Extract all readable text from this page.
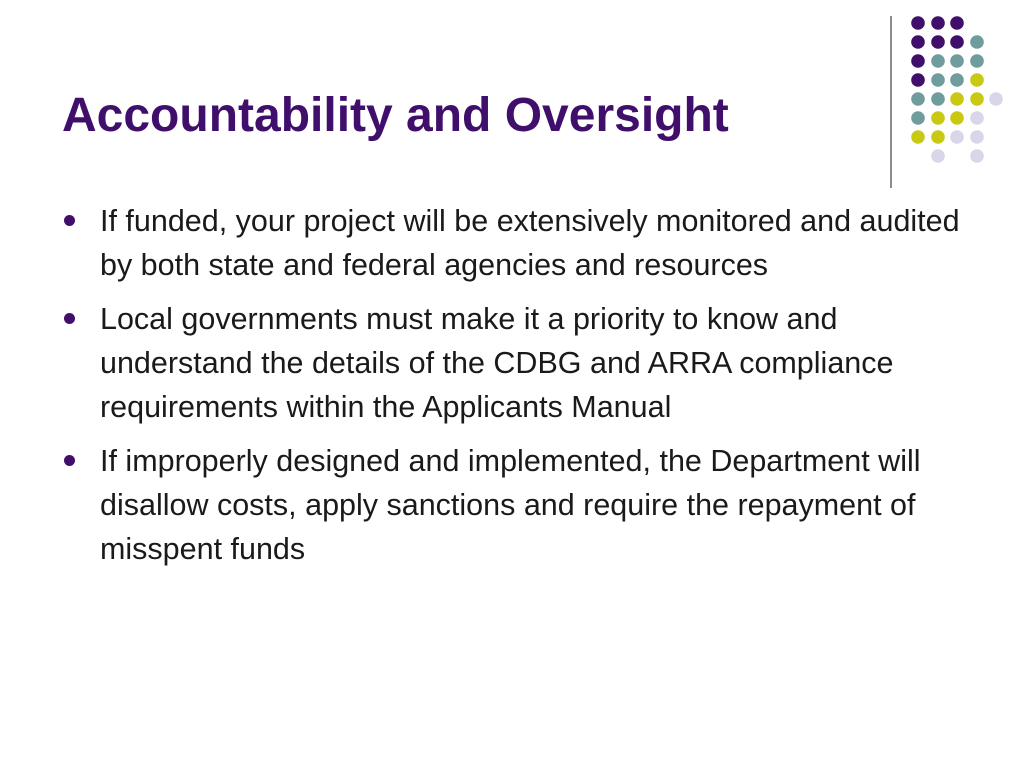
Accountability and Oversight
If funded, your project will be extensively monitored and audited by both state and federal agencies and resources
Local governments must make it a priority to know and understand the details of the CDBG and ARRA compliance requirements within the Applicants Manual
If improperly designed and implemented, the Department will disallow costs, apply sanctions and require the repayment of misspent funds
